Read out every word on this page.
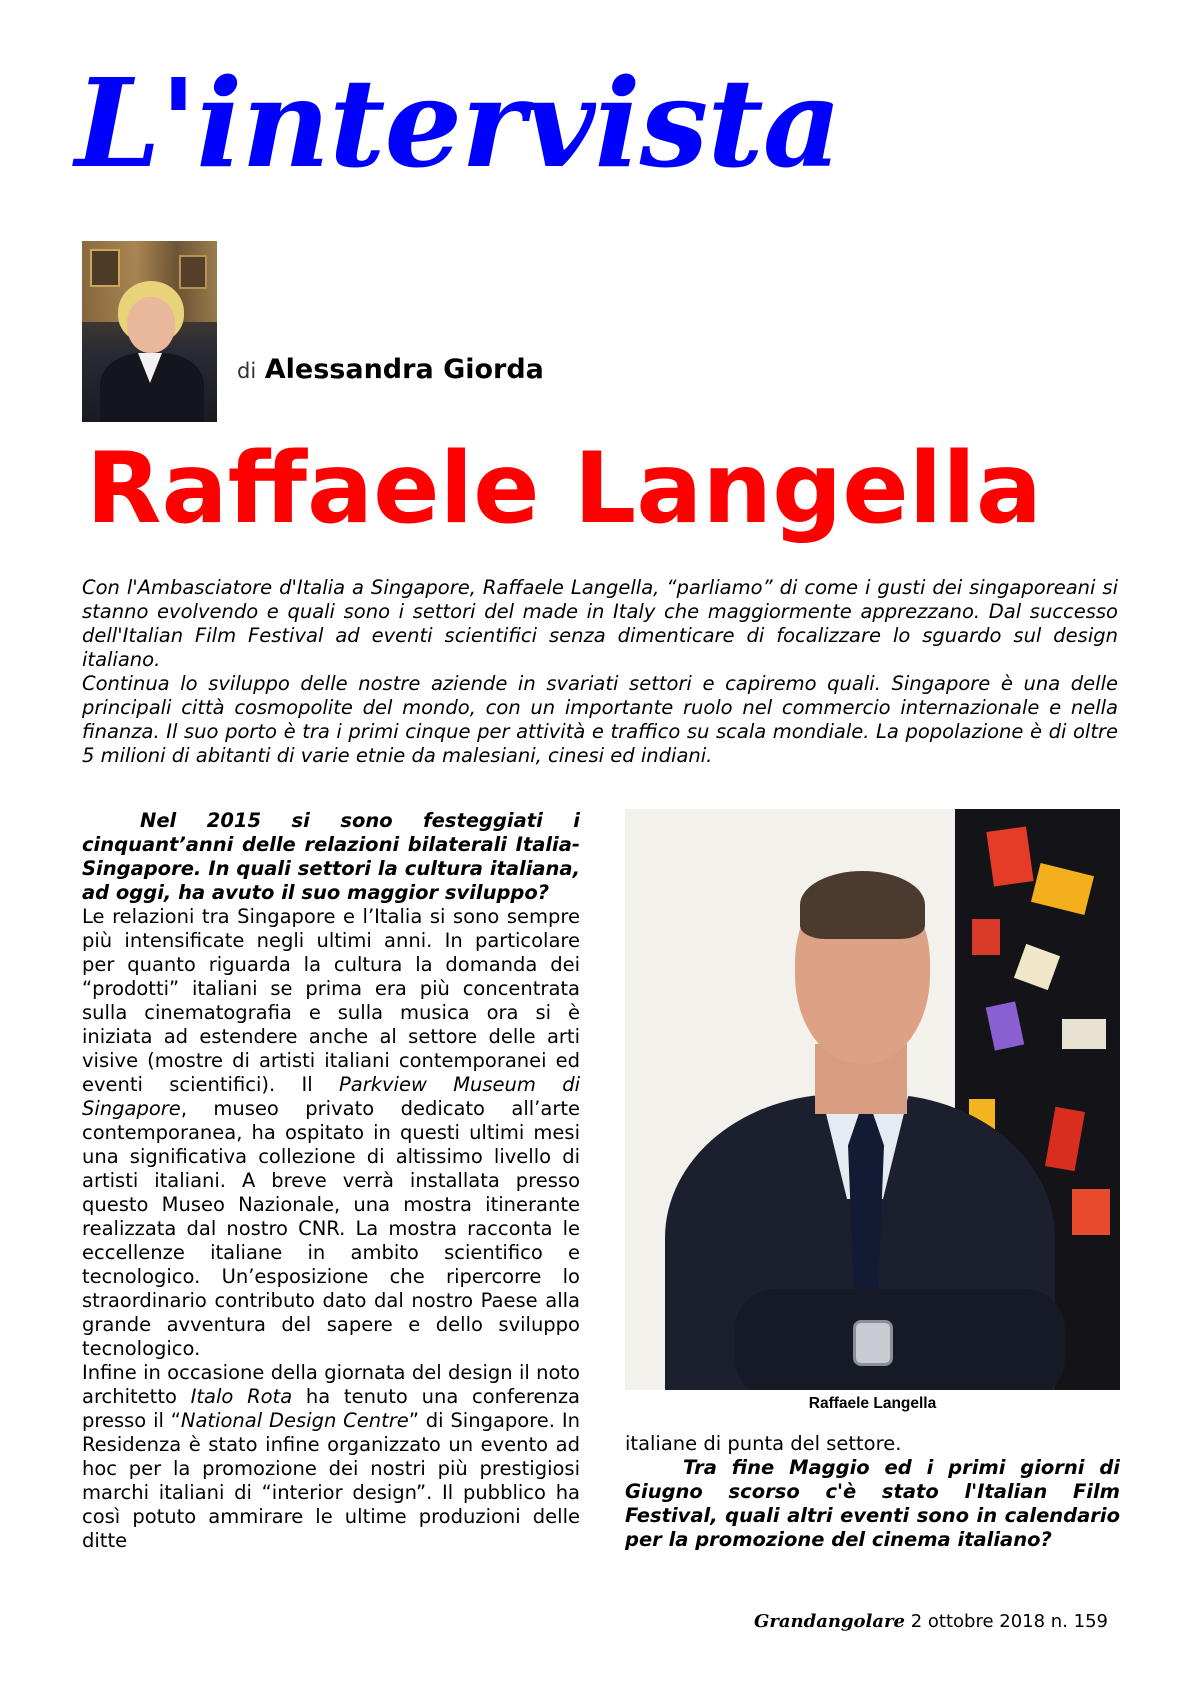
L'intervista
di Alessandra Giorda
Raffaele Langella

Con l'Ambasciatore d'Italia a Singapore, Raffaele Langella, “parliamo” di come i gusti dei singaporeani si stanno evolvendo e quali sono i settori del made in Italy che maggiormente apprezzano. Dal successo dell'Italian Film Festival ad eventi scientifici senza dimenticare di focalizzare lo sguardo sul design italiano.

Continua lo sviluppo delle nostre aziende in svariati settori e capiremo quali. Singapore è una delle principali città cosmopolite del mondo, con un importante ruolo nel commercio internazionale e nella finanza. Il suo porto è tra i primi cinque per attività e traffico su scala mondiale. La popolazione è di oltre 5 milioni di abitanti di varie etnie da malesiani, cinesi ed indiani.

Nel 2015 si sono festeggiati i cinquant’anni delle relazioni bilaterali Italia-Singapore. In quali settori la cultura italiana, ad oggi, ha avuto il suo maggior sviluppo?

Le relazioni tra Singapore e l’Italia si sono sempre più intensificate negli ultimi anni. In particolare per quanto riguarda la cultura la domanda dei “prodotti” italiani se prima era più concentrata sulla cinematografia e sulla musica ora si è iniziata ad estendere anche al settore delle arti visive (mostre di artisti italiani contemporanei ed eventi scientifici). Il Parkview Museum di Singapore, museo privato dedicato all’arte contemporanea, ha ospitato in questi ultimi mesi una significativa collezione di altissimo livello di artisti italiani. A breve verrà installata presso questo Museo Nazionale, una mostra itinerante realizzata dal nostro CNR. La mostra racconta le eccellenze italiane in ambito scientifico e tecnologico. Un’esposizione che ripercorre lo straordinario contributo dato dal nostro Paese alla grande avventura del sapere e dello sviluppo tecnologico.

Infine in occasione della giornata del design il noto architetto Italo Rota ha tenuto una conferenza presso il “National Design Centre” di Singapore. In Residenza è stato infine organizzato un evento ad hoc per la promozione dei nostri più prestigiosi marchi italiani di “interior design”. Il pubblico ha così potuto ammirare le ultime produzioni delle ditte

Raffaele Langella

italiane di punta del settore.

Tra fine Maggio ed i primi giorni di Giugno scorso c'è stato l'Italian Film Festival, quali altri eventi sono in calendario per la promozione del cinema italiano?

Grandangolare 2 ottobre 2018 n. 159
